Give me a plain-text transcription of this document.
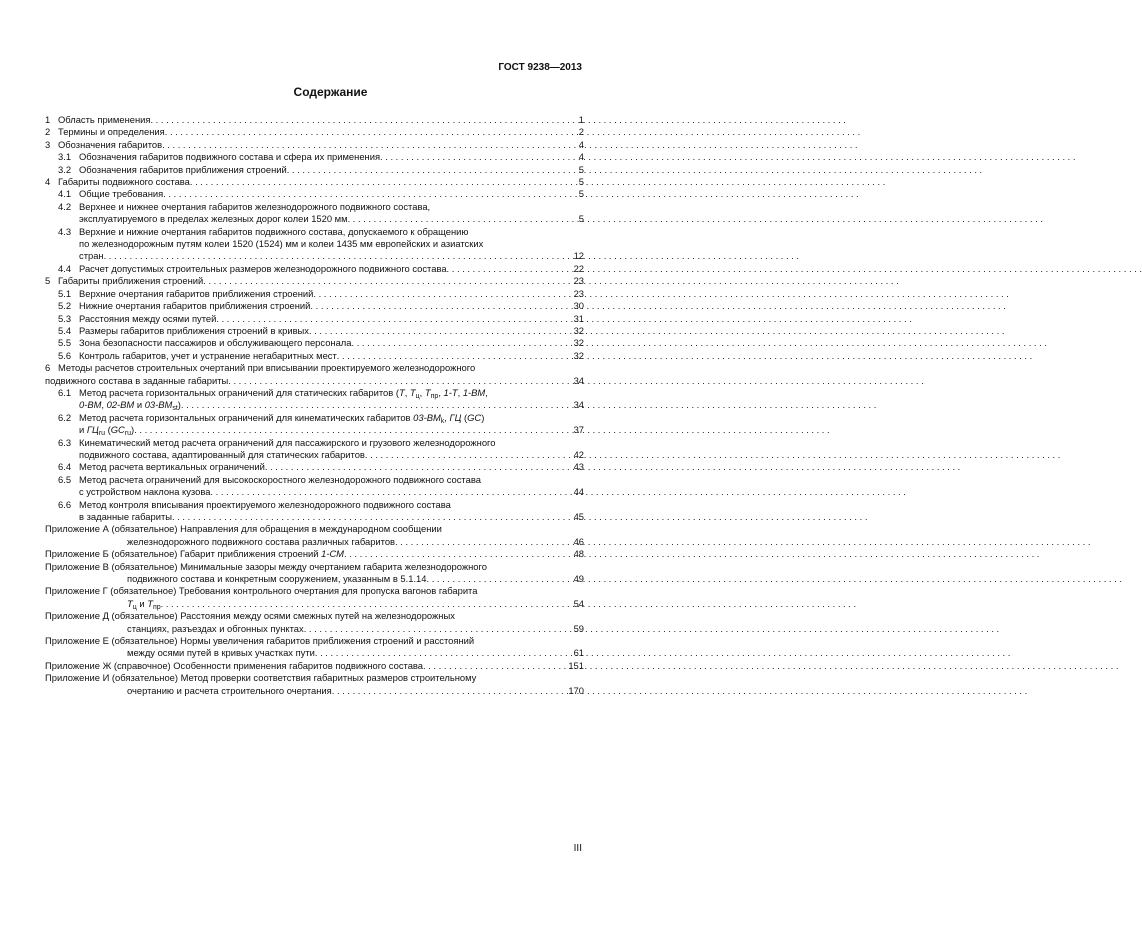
ГОСТ 9238—2013
Содержание
1 Область применения . . .	1
2 Термины и определения . . .	2
3 Обозначения габаритов . . .	4
3.1 Обозначения габаритов подвижного состава и сфера их применения . . .	4
3.2 Обозначения габаритов приближения строений . . .	5
4 Габариты подвижного состава . . .	5
4.1 Общие требования . . .	5
4.2 Верхнее и нижнее очертания габаритов железнодорожного подвижного состава,
эксплуатируемого в пределах железных дорог колеи 1520 мм . . .	5
4.3 Верхние и нижние очертания габаритов подвижного состава, допускаемого к обращению
по железнодорожным путям колеи 1520 (1524) мм и колеи 1435 мм европейских и азиатских
стран . . .	12
4.4 Расчет допустимых строительных размеров железнодорожного подвижного состава . . .	22
5 Габариты приближения строений . . .	23
5.1 Верхние очертания габаритов приближения строений . . .	23
5.2 Нижние очертания габаритов приближения строений . . .	30
5.3 Расстояния между осями путей . . .	31
5.4 Размеры габаритов приближения строений в кривых . . .	32
5.5 Зона безопасности пассажиров и обслуживающего персонала . . .	32
5.6 Контроль габаритов, учет и устранение негабаритных мест . . .	32
6 Методы расчетов строительных очертаний при вписывании проектируемого железнодорожного
подвижного состава в заданные габариты . . .	34
6.1 Метод расчета горизонтальных ограничений для статических габаритов (T, $T_ц$, $T_{пр}$, 1-T, 1-ВМ,
0-ВМ, 02-ВМ и $03-ВМ_{st}$) . . .	34
6.2 Метод расчета горизонтальных ограничений для кинематических габаритов $03-ВМ_k$, ГЦ (GC)
и $ГЦ_{ru}$ $(GC_{ru})$ . . .	37
6.3 Кинематический метод расчета ограничений для пассажирского и грузового железнодорожного
подвижного состава, адаптированный для статических габаритов . . .	42
6.4 Метод расчета вертикальных ограничений . . .	43
6.5 Метод расчета ограничений для высокоскоростного железнодорожного подвижного состава
с устройством наклона кузова . . .	44
6.6 Метод контроля вписывания проектируемого железнодорожного подвижного состава
в заданные габариты . . .	45
Приложение А (обязательное) Направления для обращения в международном сообщении
железнодорожного подвижного состава различных габаритов . . .	46
Приложение Б (обязательное) Габарит приближения строений 1-СМ . . .	48
Приложение В (обязательное) Минимальные зазоры между очертанием габарита железнодорожного
подвижного состава и конкретным сооружением, указанным в 5.1.14 . . .	49
Приложение Г (обязательное) Требования контрольного очертания для пропуска вагонов габарита
$T_ц$ и $T_{пр}$ . . .	54
Приложение Д (обязательное) Расстояния между осями смежных путей на железнодорожных
станциях, разъездах и обгонных пунктах . . .	59
Приложение Е (обязательное) Нормы увеличения габаритов приближения строений и расстояний
между осями путей в кривых участках пути . . .	61
Приложение Ж (справочное) Особенности применения габаритов подвижного состава . . .	151
Приложение И (обязательное) Метод проверки соответствия габаритных размеров строительному
очертанию и расчета строительного очертания . . .	170
III
